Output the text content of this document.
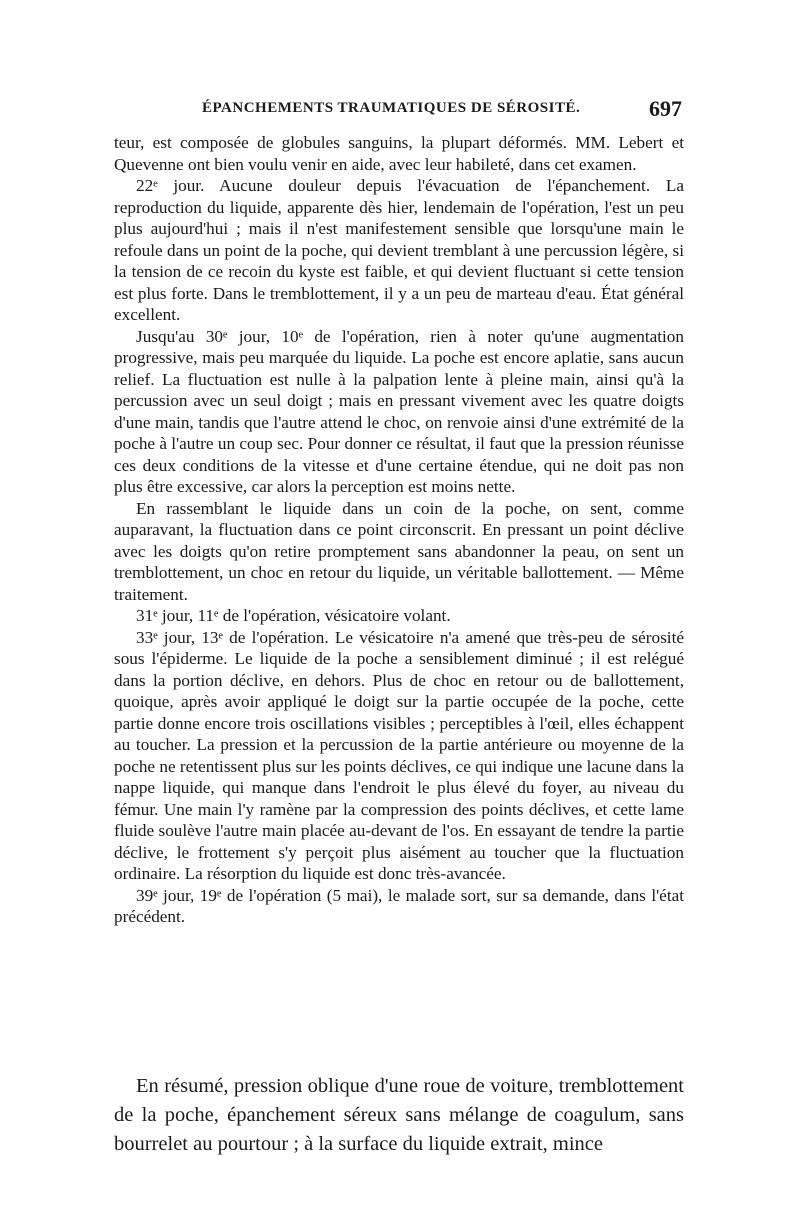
ÉPANCHEMENTS TRAUMATIQUES DE SÉROSITÉ.	697

teur, est composée de globules sanguins, la plupart déformés. MM. Lebert et Quevenne ont bien voulu venir en aide, avec leur habileté, dans cet examen.

22ᵉ jour. Aucune douleur depuis l'évacuation de l'épanchement. La reproduction du liquide, apparente dès hier, lendemain de l'opération, l'est un peu plus aujourd'hui ; mais il n'est manifestement sensible que lorsqu'une main le refoule dans un point de la poche, qui devient tremblant à une percussion légère, si la tension de ce recoin du kyste est faible, et qui devient fluctuant si cette tension est plus forte. Dans le tremblottement, il y a un peu de marteau d'eau. État général excellent.

Jusqu'au 30ᵉ jour, 10ᵉ de l'opération, rien à noter qu'une augmentation progressive, mais peu marquée du liquide. La poche est encore aplatie, sans aucun relief. La fluctuation est nulle à la palpation lente à pleine main, ainsi qu'à la percussion avec un seul doigt ; mais en pressant vivement avec les quatre doigts d'une main, tandis que l'autre attend le choc, on renvoie ainsi d'une extrémité de la poche à l'autre un coup sec. Pour donner ce résultat, il faut que la pression réunisse ces deux conditions de la vitesse et d'une certaine étendue, qui ne doit pas non plus être excessive, car alors la perception est moins nette.

En rassemblant le liquide dans un coin de la poche, on sent, comme auparavant, la fluctuation dans ce point circonscrit. En pressant un point déclive avec les doigts qu'on retire promptement sans abandonner la peau, on sent un tremblottement, un choc en retour du liquide, un véritable ballottement. — Même traitement.

31ᵉ jour, 11ᵉ de l'opération, vésicatoire volant.

33ᵉ jour, 13ᵉ de l'opération. Le vésicatoire n'a amené que très-peu de sérosité sous l'épiderme. Le liquide de la poche a sensiblement diminué ; il est relégué dans la portion déclive, en dehors. Plus de choc en retour ou de ballottement, quoique, après avoir appliqué le doigt sur la partie occupée de la poche, cette partie donne encore trois oscillations visibles ; perceptibles à l'œil, elles échappent au toucher. La pression et la percussion de la partie antérieure ou moyenne de la poche ne retentissent plus sur les points déclives, ce qui indique une lacune dans la nappe liquide, qui manque dans l'endroit le plus élevé du foyer, au niveau du fémur. Une main l'y ramène par la compression des points déclives, et cette lame fluide soulève l'autre main placée au-devant de l'os. En essayant de tendre la partie déclive, le frottement s'y perçoit plus aisément au toucher que la fluctuation ordinaire. La résorption du liquide est donc très-avancée.

39ᵉ jour, 19ᵉ de l'opération (5 mai), le malade sort, sur sa demande, dans l'état précédent.

En résumé, pression oblique d'une roue de voiture, tremblottement de la poche, épanchement séreux sans mélange de coagulum, sans bourrelet au pourtour ; à la surface du liquide extrait, mince
